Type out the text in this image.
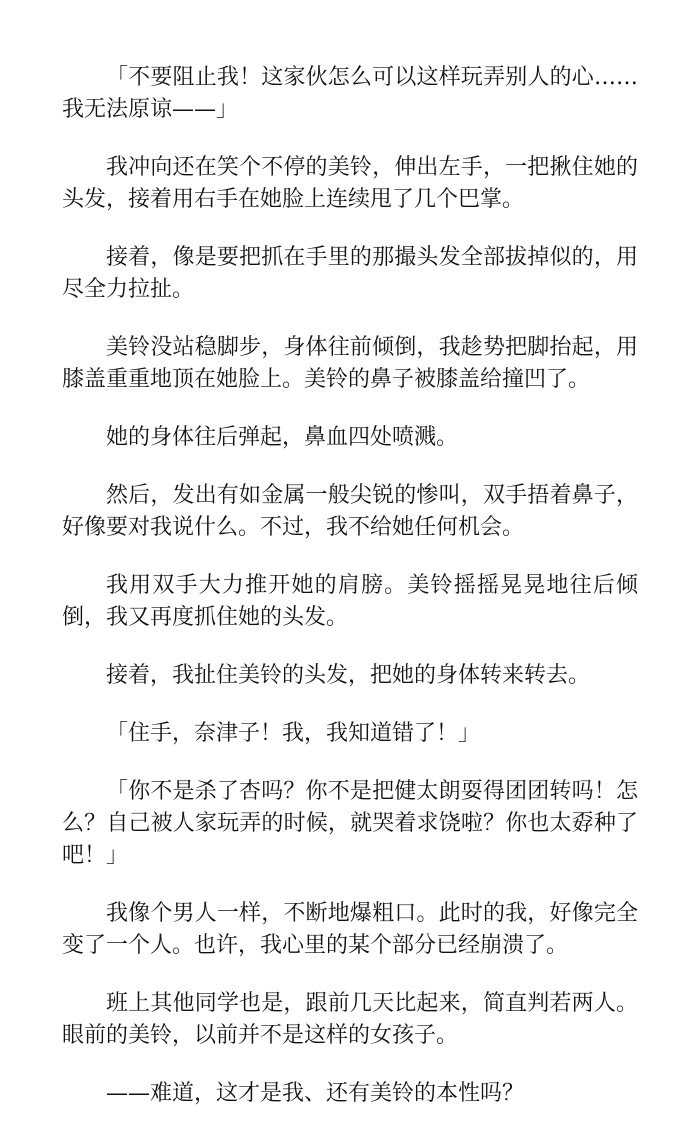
「不要阻止我！这家伙怎么可以这样玩弄别人的心……我无法原谅——」

我冲向还在笑个不停的美铃，伸出左手，一把揪住她的头发，接着用右手在她脸上连续甩了几个巴掌。

接着，像是要把抓在手里的那撮头发全部拔掉似的，用尽全力拉扯。

美铃没站稳脚步，身体往前倾倒，我趁势把脚抬起，用膝盖重重地顶在她脸上。美铃的鼻子被膝盖给撞凹了。

她的身体往后弹起，鼻血四处喷溅。

然后，发出有如金属一般尖锐的惨叫，双手捂着鼻子，好像要对我说什么。不过，我不给她任何机会。

我用双手大力推开她的肩膀。美铃摇摇晃晃地往后倾倒，我又再度抓住她的头发。

接着，我扯住美铃的头发，把她的身体转来转去。

「住手，奈津子！我，我知道错了！」

「你不是杀了杏吗？你不是把健太朗耍得团团转吗！怎么？自己被人家玩弄的时候，就哭着求饶啦？你也太孬种了吧！」

我像个男人一样，不断地爆粗口。此时的我，好像完全变了一个人。也许，我心里的某个部分已经崩溃了。

班上其他同学也是，跟前几天比起来，简直判若两人。眼前的美铃，以前并不是这样的女孩子。

——难道，这才是我、还有美铃的本性吗？
